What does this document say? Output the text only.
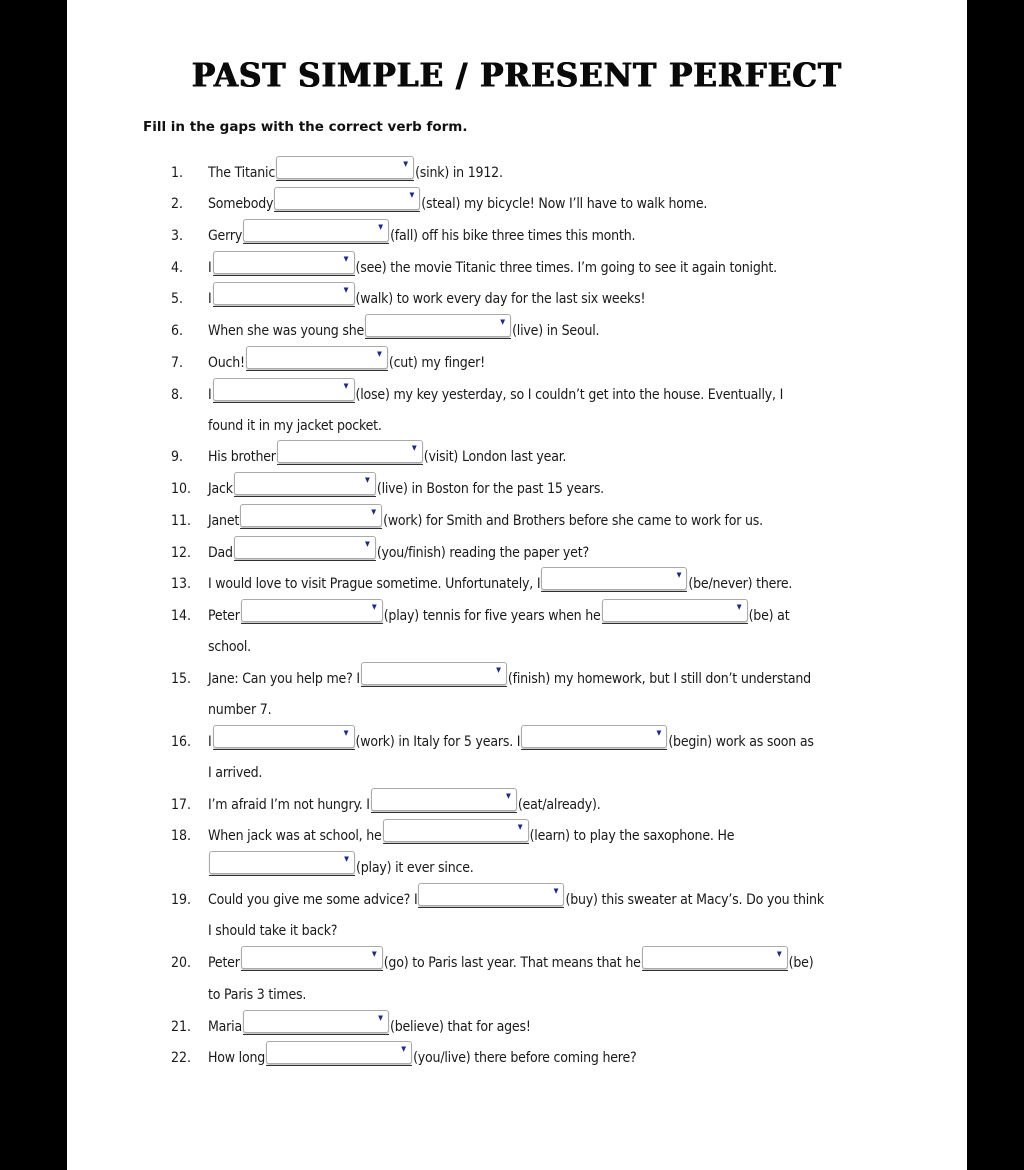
PAST SIMPLE / PRESENT PERFECT
Fill in the gaps with the correct verb form.
1.	The Titanic
▼
(sink) in 1912.
2.	Somebody
▼
(steal) my bicycle! Now I’ll have to walk home.
3.	Gerry
▼
(fall) off his bike three times this month.
4.	I
▼
(see) the movie Titanic three times. I’m going to see it again tonight.
5.	I
▼
(walk) to work every day for the last six weeks!
6.	When she was young she
▼
(live) in Seoul.
7.	Ouch!
▼
(cut) my finger!
8.	I
▼
(lose) my key yesterday, so I couldn’t get into the house. Eventually, I
found it in my jacket pocket.
9.	His brother
▼
(visit) London last year.
10.	Jack
▼
(live) in Boston for the past 15 years.
11.	Janet
▼
(work) for Smith and Brothers before she came to work for us.
12.	Dad
▼
(you/finish) reading the paper yet?
13.	I would love to visit Prague sometime. Unfortunately, I
▼
(be/never) there.
14.	Peter
▼
(play) tennis for five years when he
▼
(be) at
school.
15.	Jane: Can you help me? I
▼
(finish) my homework, but I still don’t understand
number 7.
16.	I
▼
(work) in Italy for 5 years. I
▼
(begin) work as soon as
I arrived.
17.	I’m afraid I’m not hungry. I
▼
(eat/already).
18.	When jack was at school, he
▼
(learn) to play the saxophone. He
▼
(play) it ever since.
19.	Could you give me some advice? I
▼
(buy) this sweater at Macy’s. Do you think
I should take it back?
20.	Peter
▼
(go) to Paris last year. That means that he
▼
(be)
to Paris 3 times.
21.	Maria
▼
(believe) that for ages!
22.	How long
▼
(you/live) there before coming here?
